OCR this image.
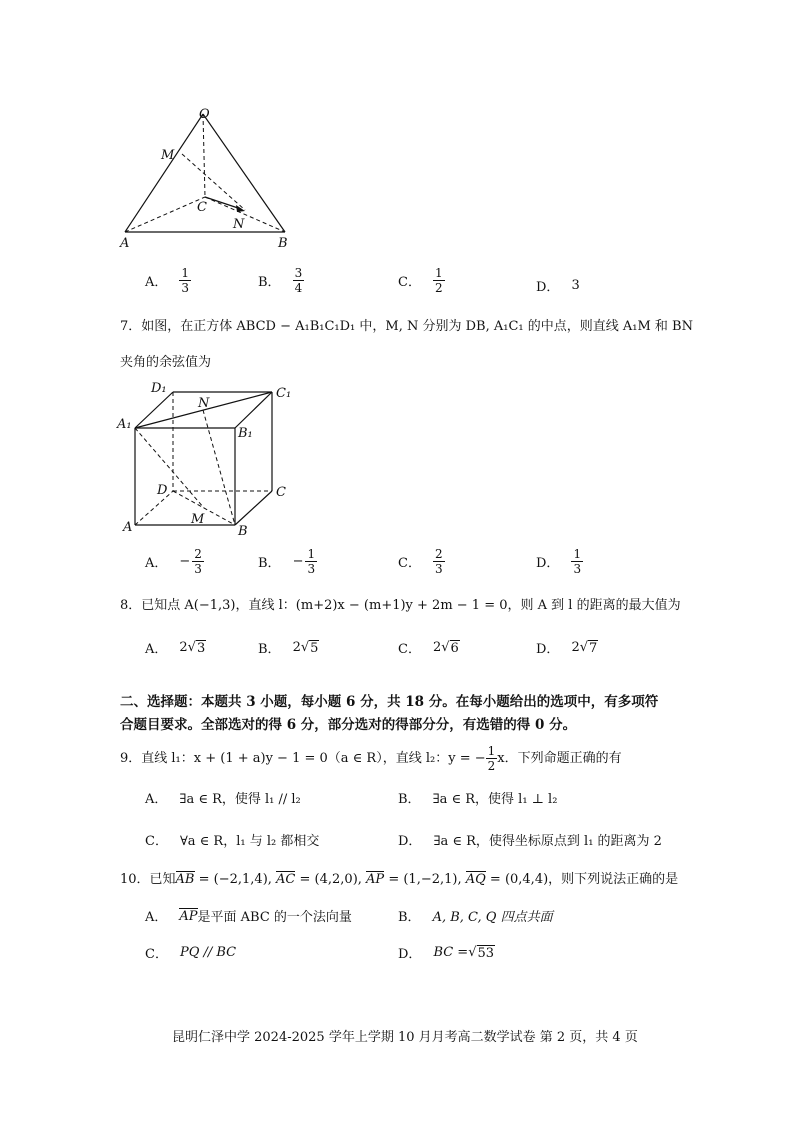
O
M
C
N
A	B
A． $\frac{1}{3}$	B． $\frac{3}{4}$	C． $\frac{1}{2}$	D． 3
7．如图，在正方体 ABCD − A₁B₁C₁D₁ 中，M, N 分别为 DB, A₁C₁ 的中点，则直线 A₁M 和 BN
夹角的余弦值为
D₁
N
C₁
A₁
B₁
D	C
A
M
B
A． − $\frac{2}{3}$	B． − $\frac{1}{3}$	C． $\frac{2}{3}$	D． $\frac{1}{3}$
8．已知点 A(−1,3)，直线 l：(m+2)x − (m+1)y + 2m − 1 = 0，则 A 到 l 的距离的最大值为
A． 2 √ 3	B． 2 √ 5	C． 2 √ 6	D． 2 √ 7
二、选择题：本题共 3 小题，每小题 6 分，共 18 分。在每小题给出的选项中，有多项符
合题目要求。全部选对的得 6 分，部分选对的得部分分，有选错的得 0 分。
9．直线 l₁：x + (1 + a)y − 1 = 0（a ∈ R），直线 l₂：y = − $\frac{1}{2}$ x．下列命题正确的有
A． ∃a ∈ R，使得 l₁ // l₂	B． ∃a ∈ R，使得 l₁ ⊥ l₂
C． ∀a ∈ R，l₁ 与 l₂ 都相交	D． ∃a ∈ R，使得坐标原点到 l₁ 的距离为 2
10．已知AB = (−2,1,4), AC = (4,2,0), AP = (1,−2,1), AQ = (0,4,4)，则下列说法正确的是
A． AP 是平面 ABC 的一个法向量	B． A, B, C, Q 四点共面
C． PQ // BC	D． BC = √ 53
昆明仁泽中学 2024-2025 学年上学期 10 月月考高二数学试卷 第 2 页，共 4 页
